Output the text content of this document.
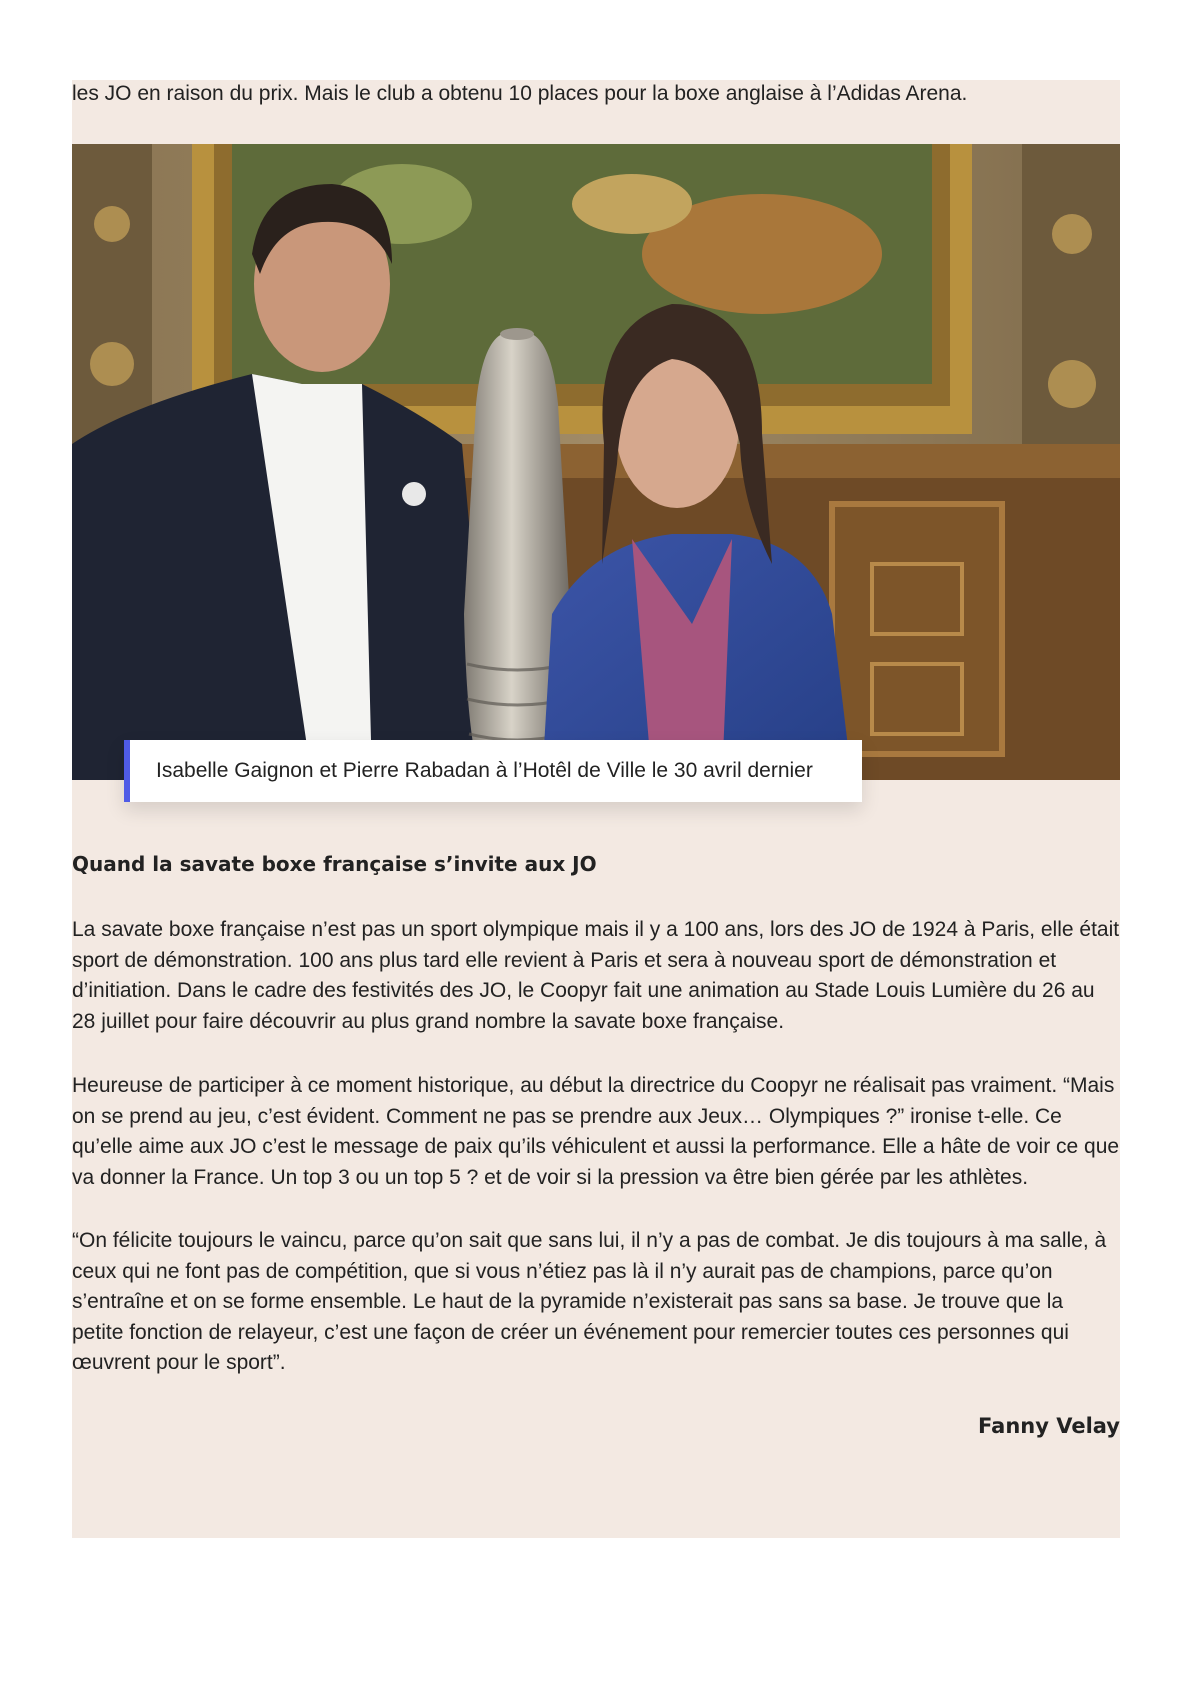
les JO en raison du prix. Mais le club a obtenu 10 places pour la boxe anglaise à l’Adidas Arena.

Isabelle Gaignon et Pierre Rabadan à l’Hotêl de Ville le 30 avril dernier
Quand la savate boxe française s’invite aux JO

La savate boxe française n’est pas un sport olympique mais il y a 100 ans, lors des JO de 1924 à Paris, elle était sport de démonstration. 100 ans plus tard elle revient à Paris et sera à nouveau sport de démonstration et d’initiation. Dans le cadre des festivités des JO, le Coopyr fait une animation au Stade Louis Lumière du 26 au 28 juillet pour faire découvrir au plus grand nombre la savate boxe française.

Heureuse de participer à ce moment historique, au début la directrice du Coopyr ne réalisait pas vraiment. “Mais on se prend au jeu, c’est évident. Comment ne pas se prendre aux Jeux… Olympiques ?” ironise t-elle. Ce qu’elle aime aux JO c’est le message de paix qu’ils véhiculent et aussi la performance. Elle a hâte de voir ce que va donner la France. Un top 3 ou un top 5 ? et de voir si la pression va être bien gérée par les athlètes.

“On félicite toujours le vaincu, parce qu’on sait que sans lui, il n’y a pas de combat. Je dis toujours à ma salle, à ceux qui ne font pas de compétition, que si vous n’étiez pas là il n’y aurait pas de champions, parce qu’on s’entraîne et on se forme ensemble. Le haut de la pyramide n’existerait pas sans sa base. Je trouve que la petite fonction de relayeur, c’est une façon de créer un événement pour remercier toutes ces personnes qui œuvrent pour le sport”.

Fanny Velay
